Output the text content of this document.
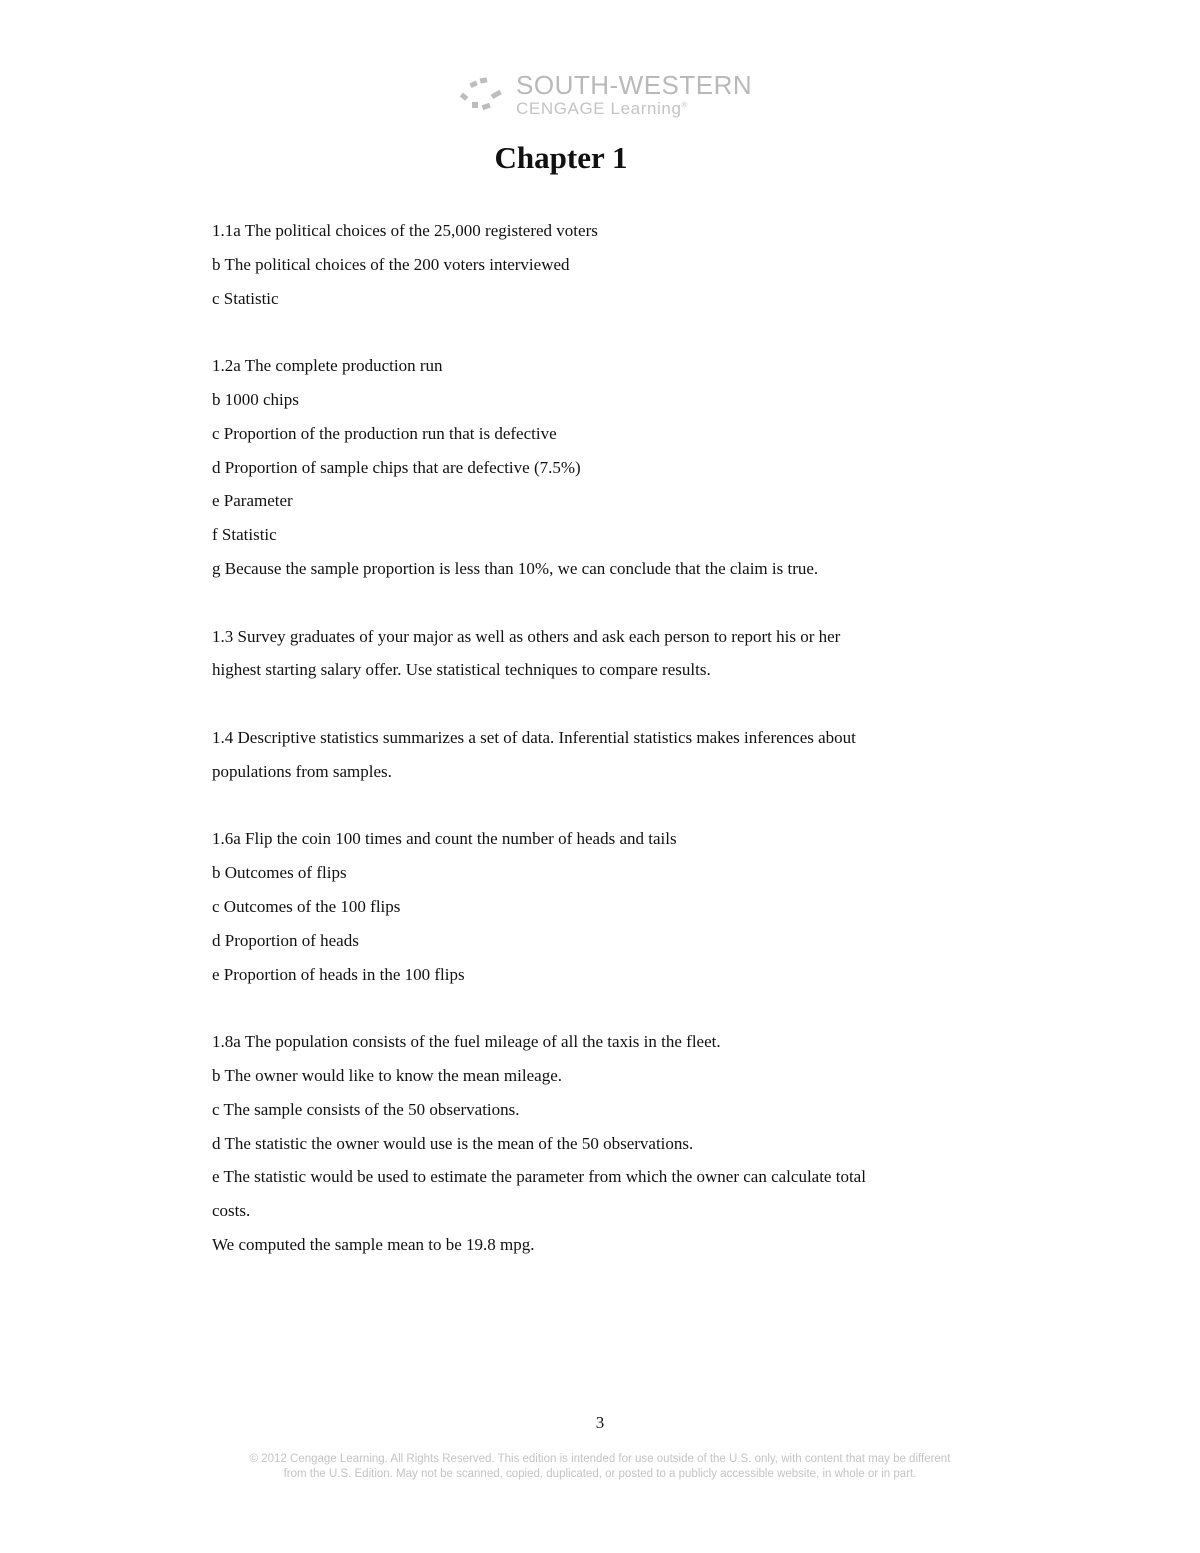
SOUTH-WESTERN
CENGAGE Learning®
Chapter 1
1.1a The political choices of the 25,000 registered voters
b The political choices of the 200 voters interviewed
c Statistic
1.2a The complete production run
b 1000 chips
c Proportion of the production run that is defective
d Proportion of sample chips that are defective (7.5%)
e Parameter
f Statistic
g Because the sample proportion is less than 10%, we can conclude that the claim is true.
1.3 Survey graduates of your major as well as others and ask each person to report his or her
highest starting salary offer. Use statistical techniques to compare results.
1.4 Descriptive statistics summarizes a set of data. Inferential statistics makes inferences about
populations from samples.
1.6a Flip the coin 100 times and count the number of heads and tails
b Outcomes of flips
c Outcomes of the 100 flips
d Proportion of heads
e Proportion of heads in the 100 flips
1.8a The population consists of the fuel mileage of all the taxis in the fleet.
b The owner would like to know the mean mileage.
c The sample consists of the 50 observations.
d The statistic the owner would use is the mean of the 50 observations.
e The statistic would be used to estimate the parameter from which the owner can calculate total
costs.
We computed the sample mean to be 19.8 mpg.
3
© 2012 Cengage Learning. All Rights Reserved. This edition is intended for use outside of the U.S. only, with content that may be different
from the U.S. Edition. May not be scanned, copied, duplicated, or posted to a publicly accessible website, in whole or in part.
